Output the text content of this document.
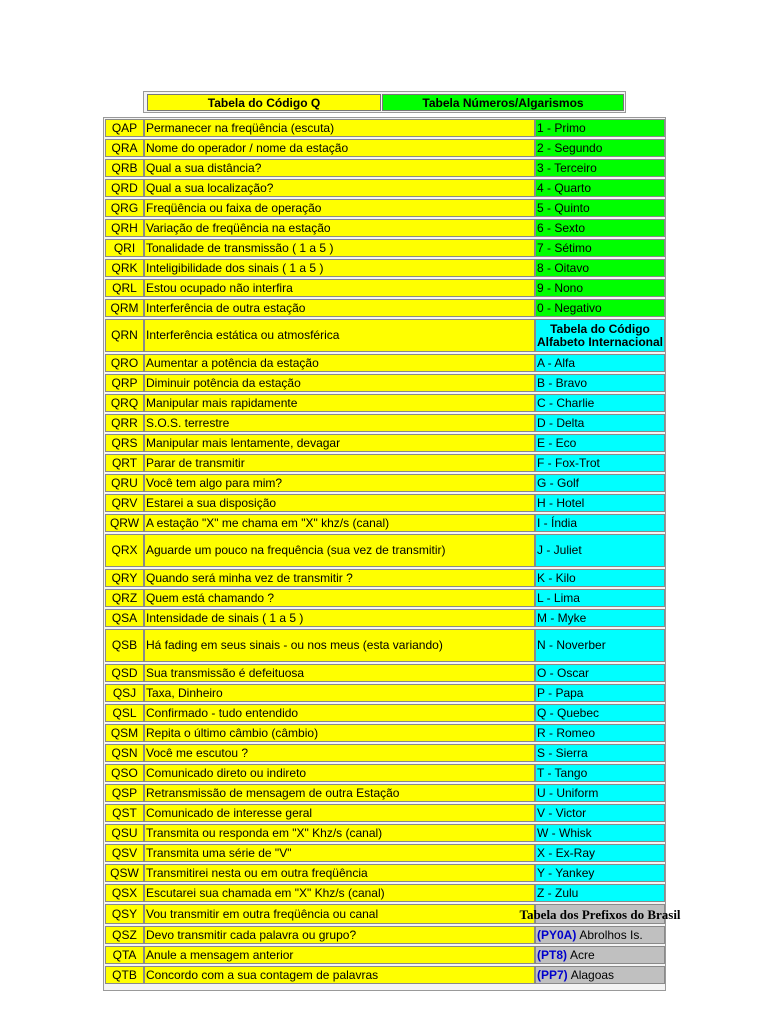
Tabela do Código Q	Tabela Números/Algarismos
QAP Permanecer na freqüência (escuta)	1 - Primo
QRA Nome do operador / nome da estação	2 - Segundo
QRB Qual a sua distância?	3 - Terceiro
QRD Qual a sua localização?	4 - Quarto
QRG Freqüência ou faixa de operação	5 - Quinto
QRH Variação de freqüência na estação	6 - Sexto
QRI Tonalidade de transmissão ( 1 a 5 )	7 - Sétimo
QRK Inteligibilidade dos sinais ( 1 a 5 )	8 - Oitavo
QRL Estou ocupado não interfira	9 - Nono
QRM Interferência de outra estação	0 - Negativo
QRN Interferência estática ou atmosférica	Tabela do Código
Alfabeto Internacional
QRO Aumentar a potência da estação	A - Alfa
QRP Diminuir potência da estação	B - Bravo
QRQ Manipular mais rapidamente	C - Charlie
QRR S.O.S. terrestre	D - Delta
QRS Manipular mais lentamente, devagar	E - Eco
QRT Parar de transmitir	F - Fox-Trot
QRU Você tem algo para mim?	G - Golf
QRV Estarei a sua disposição	H - Hotel
QRW A estação "X" me chama em "X" khz/s (canal)	I - Índia
QRX Aguarde um pouco na frequência (sua vez de transmitir)	J - Juliet
QRY Quando será minha vez de transmitir ?	K - Kilo
QRZ Quem está chamando ?	L - Lima
QSA Intensidade de sinais ( 1 a 5 )	M - Myke
QSB Há fading em seus sinais - ou nos meus (esta variando)	N - Noverber
QSD Sua transmissão é defeituosa	O - Oscar
QSJ Taxa, Dinheiro	P - Papa
QSL Confirmado - tudo entendido	Q - Quebec
QSM Repita o último câmbio (câmbio)	R - Romeo
QSN Você me escutou ?	S - Sierra
QSO Comunicado direto ou indireto	T - Tango
QSP Retransmissão de mensagem de outra Estação	U - Uniform
QST Comunicado de interesse geral	V - Victor
QSU Transmita ou responda em "X" Khz/s (canal)	W - Whisk
QSV Transmita uma série de "V"	X - Ex-Ray
QSW Transmitirei nesta ou em outra freqüência	Y - Yankey
QSX Escutarei sua chamada em "X" Khz/s (canal)	Z - Zulu
QSY Vou transmitir em outra freqüência ou canal	Tabela dos Prefixos do Brasil
QSZ Devo transmitir cada palavra ou grupo?	(PY0A) Abrolhos Is.
QTA Anule a mensagem anterior	(PT8) Acre
QTB Concordo com a sua contagem de palavras	(PP7) Alagoas
